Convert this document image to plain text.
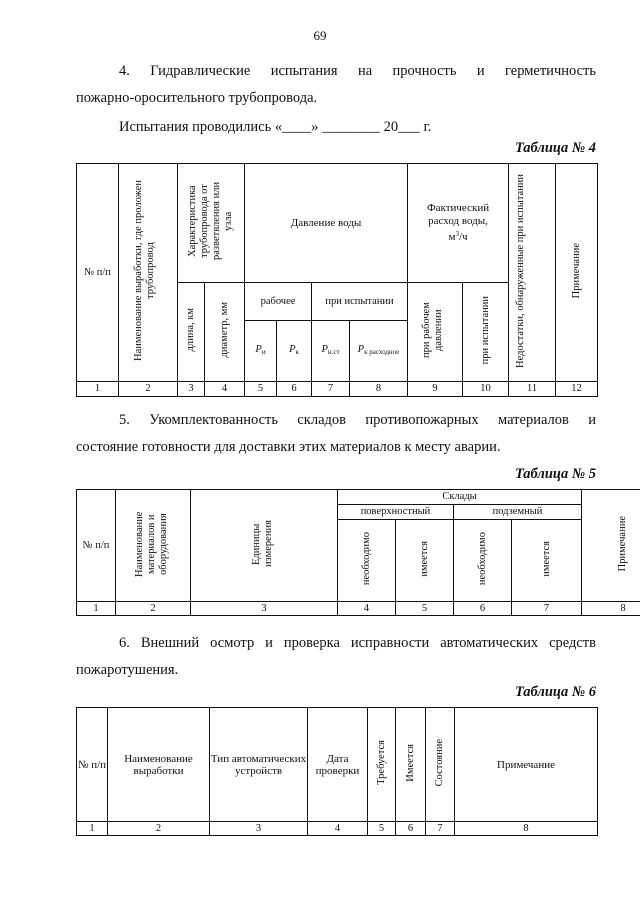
69
4. Гидравлические испытания на прочность и герметичность
пожарно-оросительного трубопровода.
Испытания проводились «____» ________ 20___ г.
Таблица № 4
№ п/п	Наименование выработки, где проложен трубопровод	Характеристика
трубопровода от
разветвления или
узла		Давление воды				Фактический
расход воды,
$м^3/ч$		Недостатки, обнаруженные при испытании	Примечание
		длина, км	диаметр, мм	рабочее		при испытании		при рабочем давлении	при испытании		
				$P_и$	$P_к$	$P_{н.ст}$	$P_{к расходное}$
1	2	3	4	5	6	7	8	9	10	11	12
5. Укомплектованность складов противопожарных материалов и
состояние готовности для доставки этих материалов к месту аварии.
Таблица № 5
№ п/п	Наименование материалов и оборудования	Единицы измерения	Склады				Примечание
			поверхностный		подземный		
			необходимо	имеется	необходимо	имеется	
1	2	3	4	5	6	7	8
6. Внешний осмотр и проверка исправности автоматических средств
пожаротушения.
Таблица № 6
№ п/п	Наименование выработки	Тип автоматических устройств	Дата проверки	Требуется	Имеется	Состояние	Примечание
1	2	3	4	5	6	7	8
